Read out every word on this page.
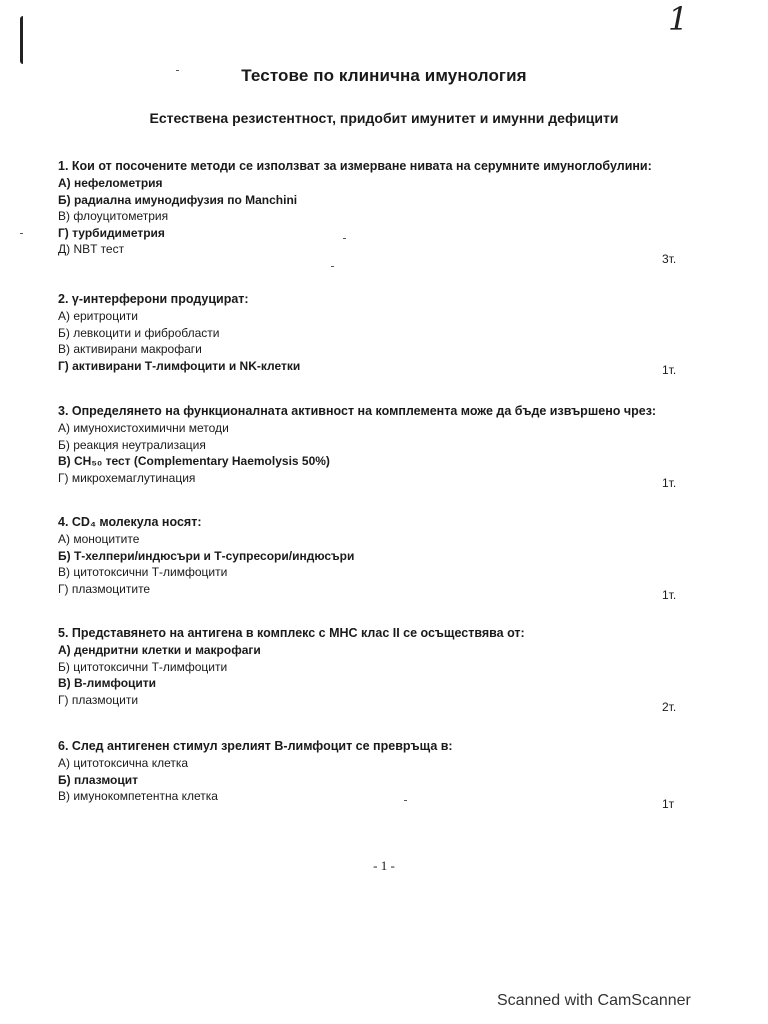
1
Тестове по клинична имунология
Естествена резистентност, придобит имунитет и имунни дефицити

1. Кои от посочените методи се използват за измерване нивата на серумните имуноглобулини:

А) нефелометрия

Б) радиална имунодифузия по Manchini

В) флоуцитометрия

Г) турбидиметрия

Д) NBT тест

3т.

2. γ-интерферони продуцират:

А) еритроцити

Б) левкоцити и фибробласти

В) активирани макрофаги

Г) активирани Т-лимфоцити и NK-клетки	1т.

3. Определянето на функционалната активност на комплемента може да бъде извършено чрез:

А) имунохистохимични методи

Б) реакция неутрализация

В) CH₅₀ тест (Complementary Haemolysis 50%)

Г) микрохемаглутинация	1т.

4. CD₄ молекула носят:

А) моноцитите

Б) Т-хелпери/индюсъри и Т-супресори/индюсъри

В) цитотоксични Т-лимфоцити

Г) плазмоцитите	1т.

5. Представянето на антигена в комплекс с МНС клас II се осъществява от:

А) дендритни клетки и макрофаги

Б) цитотоксични Т-лимфоцити

В) В-лимфоцити

Г) плазмоцити

2т.

6. След антигенен стимул зрелият В-лимфоцит се превръща в:

А) цитотоксична клетка

Б) плазмоцит

В) имунокомпетентна клетка

1т
- 1 -
Scanned with CamScanner
